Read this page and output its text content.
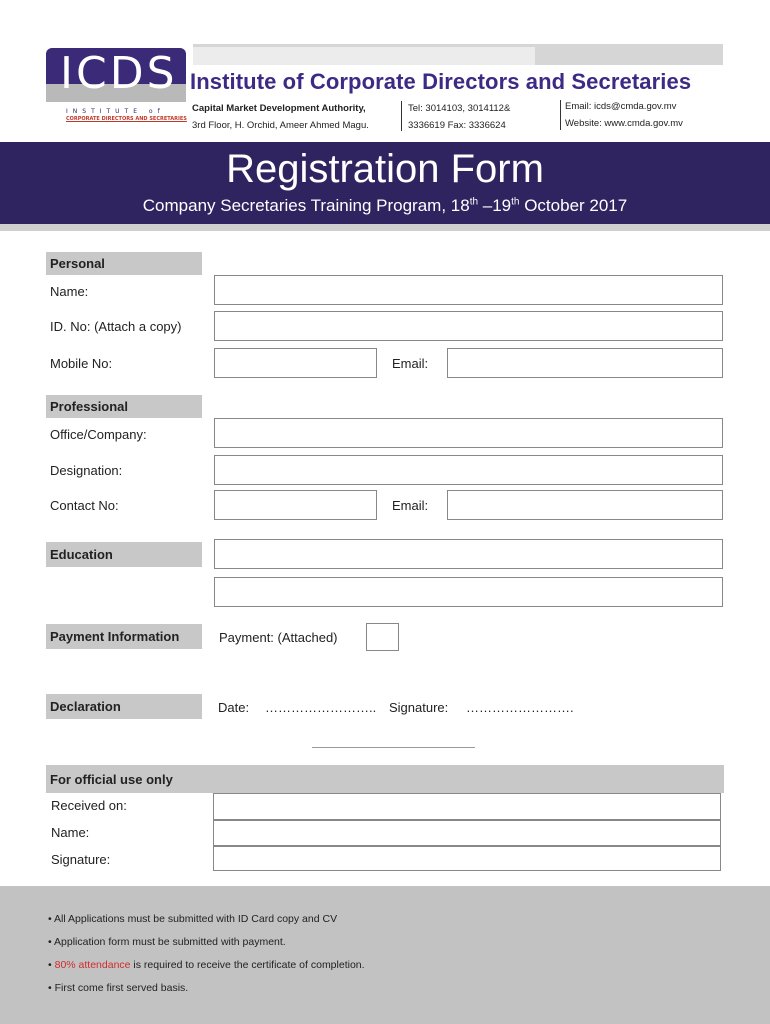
ICDS
INSTITUTE of
CORPORATE DIRECTORS AND SECRETARIES
Institute of Corporate Directors and Secretaries
Capital Market Development Authority,
3rd Floor, H. Orchid, Ameer Ahmed Magu.
Tel: 3014103, 3014112&
3336619 Fax: 3336624
Email: icds@cmda.gov.mv
Website: www.cmda.gov.mv
Registration Form
Company Secretaries Training Program, 18th –19th October 2017
Personal
Name:
ID. No: (Attach a copy)
Mobile No:	Email:
Professional
Office/Company:
Designation:
Contact No:	Email:
Education
Payment Information	Payment: (Attached)
Declaration	Date: …………………….. Signature: …………………….
For official use only
Received on:
Name:
Signature:
• All Applications must be submitted with ID Card copy and CV
• Application form must be submitted with payment.
• 80% attendance is required to receive the certificate of completion.
• First come first served basis.
